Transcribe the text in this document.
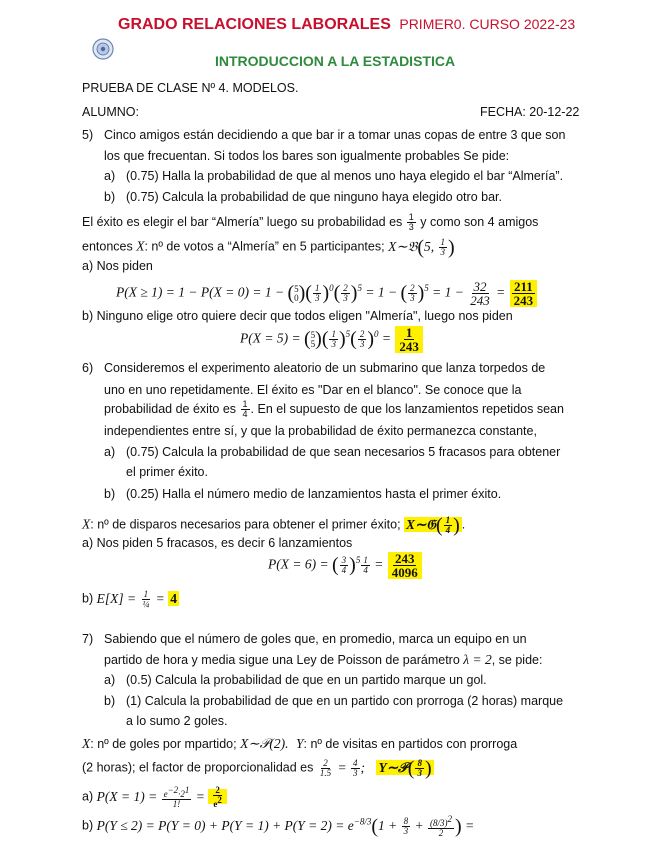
GRADO RELACIONES LABORALES PRIMER0. CURSO 2022-23
INTRODUCCION A LA ESTADISTICA
PRUEBA DE CLASE Nº 4. MODELOS.
ALUMNO:	FECHA: 20-12-22
5) Cinco amigos están decidiendo a que bar ir a tomar unas copas de entre 3 que son
los que frecuentan. Si todos los bares son igualmente probables Se pide:
a) (0.75) Halla la probabilidad de que al menos uno haya elegido el bar “Almería”.
b) (0.75) Calcula la probabilidad de que ninguno haya elegido otro bar.
El éxito es elegir el bar “Almería” luego su probabilidad es $\frac{1}{3}$ y como son 4 amigos
entonces X: nº de votos a “Almería” en 5 participantes; X∼𝔅(5, $\frac{1}{3}$ )
a) Nos piden
P(X ≥ 1) = 1 − P(X = 0) = 1 − ( 5
0 )( $\frac{1}{3} )^0( \frac{2}{3} )^5 = 1$ − ( $\frac{2}{3} )^5 = 1 - \frac{32}{243} = \frac{211}{243}$
b) Ninguno elige otro quiere decir que todos eligen "Almería", luego nos piden
P(X = 5) = ( 5
5 )( $\frac{1}{3} )^5( \frac{2}{3} )^0 = \frac{1}{243}$
6) Consideremos el experimento aleatorio de un submarino que lanza torpedos de
uno en uno repetidamente. El éxito es "Dar en el blanco". Se conoce que la
probabilidad de éxito es $\frac{1}{4}$ . En el supuesto de que los lanzamientos repetidos sean
independientes entre sí, y que la probabilidad de éxito permanezca constante,
a) (0.75) Calcula la probabilidad de que sean necesarios 5 fracasos para obtener
el primer éxito.
b) (0.25) Halla el número medio de lanzamientos hasta el primer éxito.
X: nº de disparos necesarios para obtener el primer éxito; X∼𝔊( $\frac{1}{4}$ ) .
a) Nos piden 5 fracasos, es decir 6 lanzamientos
P(X = 6) = ( $\frac{3}{4} )^5 \frac{1}{4} = \frac{243}{4096}$
b) $E[X] = \frac{1}{\text{¼}} = 4$
7) Sabiendo que el número de goles que, en promedio, marca un equipo en un
partido de hora y media sigue una Ley de Poisson de parámetro λ = 2, se pide:
a) (0.5) Calcula la probabilidad de que en un partido marque un gol.
b) (1) Calcula la probabilidad de que en un partido con prorroga (2 horas) marque
a lo sumo 2 goles.
X: nº de goles por mpartido; X∼𝒫(2). Y: nº de visitas en partidos con prorroga
(2 horas); el factor de proporcionalidad es $\frac{2}{1.5} = \frac{4}{3}$ ; Y∼𝒫( $\frac{8}{3}$ )
a) $P(X = 1) = \frac{e^{-2}\cdot 2^1}{1!} = \frac{2}{e^2}$
b) $P(Y \le 2) = P(Y = 0) + P(Y = 1) + P(Y = 2) = e^{-8/3}(1 + \frac{8}{3} + \frac{(8/3)^2}{2}$ ) =
